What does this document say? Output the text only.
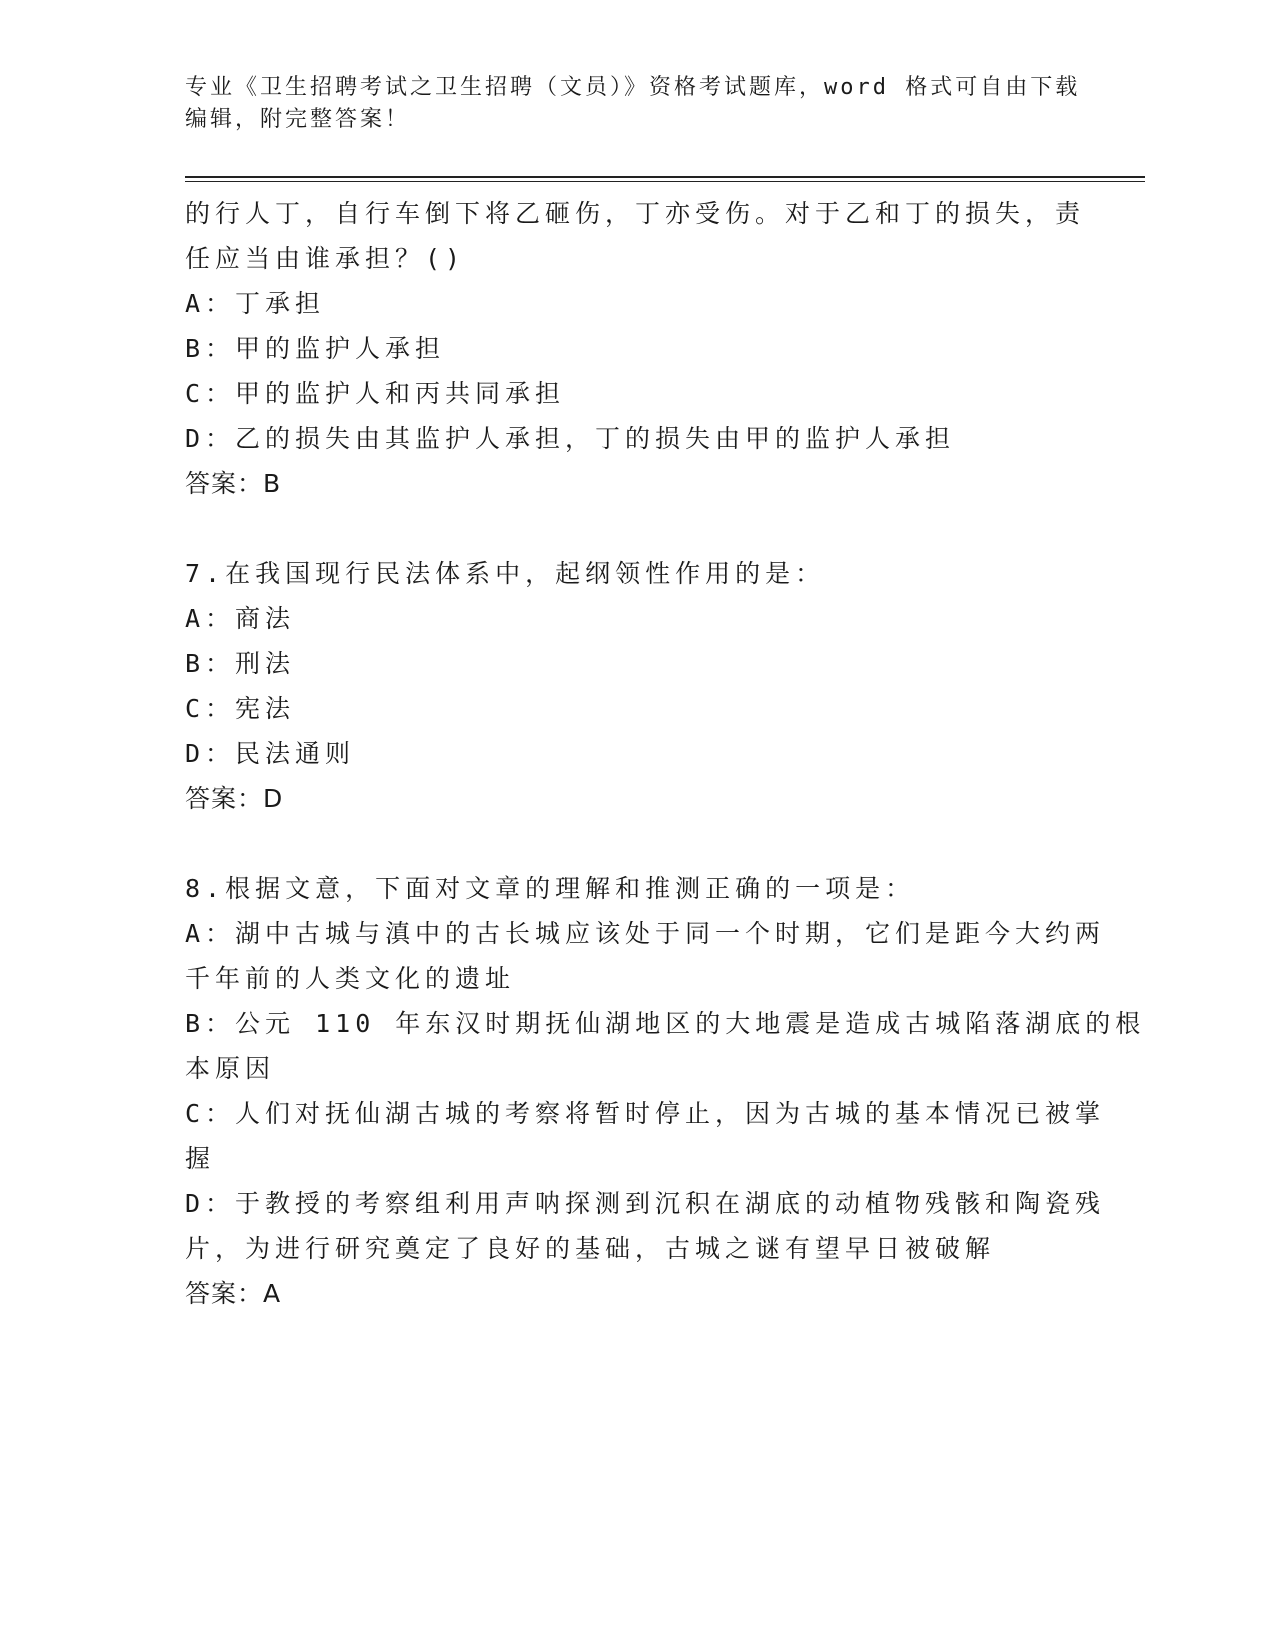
专业《卫生招聘考试之卫生招聘（文员）》资格考试题库，word 格式可自由下载
编辑，附完整答案！
的行人丁，自行车倒下将乙砸伤，丁亦受伤。对于乙和丁的损失，责
任应当由谁承担？()
A：丁承担
B：甲的监护人承担
C：甲的监护人和丙共同承担
D：乙的损失由其监护人承担，丁的损失由甲的监护人承担
答案：B
7.在我国现行民法体系中，起纲领性作用的是：
A：商法
B：刑法
C：宪法
D：民法通则
答案：D
8.根据文意，下面对文章的理解和推测正确的一项是：
A：湖中古城与滇中的古长城应该处于同一个时期，它们是距今大约两
千年前的人类文化的遗址
B：公元 110 年东汉时期抚仙湖地区的大地震是造成古城陷落湖底的根
本原因
C：人们对抚仙湖古城的考察将暂时停止，因为古城的基本情况已被掌
握
D：于教授的考察组利用声呐探测到沉积在湖底的动植物残骸和陶瓷残
片，为进行研究奠定了良好的基础，古城之谜有望早日被破解
答案：A
